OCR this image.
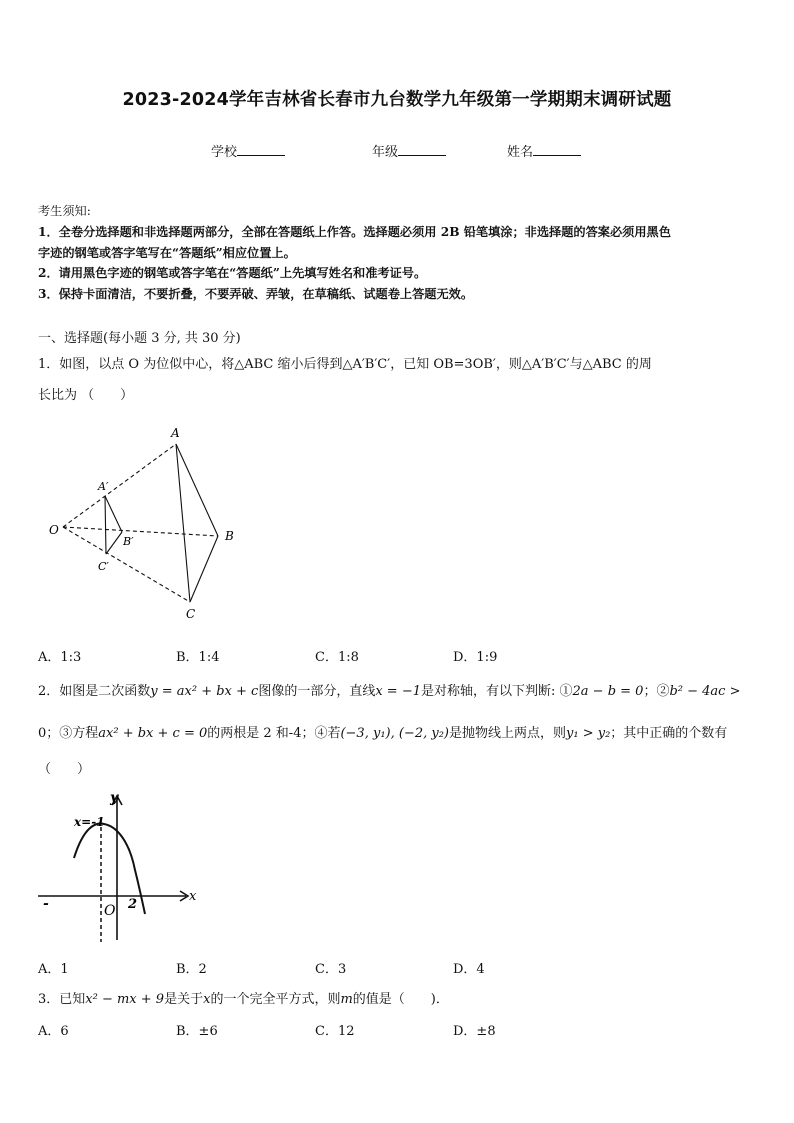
2023-2024学年吉林省长春市九台数学九年级第一学期期末调研试题
学校	年级	姓名
考生须知:
1．全卷分选择题和非选择题两部分，全部在答题纸上作答。选择题必须用 2B 铅笔填涂；非选择题的答案必须用黑色
字迹的钢笔或答字笔写在“答题纸”相应位置上。
2．请用黑色字迹的钢笔或答字笔在“答题纸”上先填写姓名和准考证号。
3．保持卡面清洁，不要折叠，不要弄破、弄皱，在草稿纸、试题卷上答题无效。
一、选择题(每小题 3 分, 共 30 分)
1．如图，以点 O 为位似中心，将△ABC 缩小后得到△A′B′C′，已知 OB=3OB′，则△A′B′C′与△ABC 的周
长比为 （　　）
O
A
B
C
A′
B′
C′
A．1:3	B．1:4	C．1:8	D．1:9
2．如图是二次函数y = ax² + bx + c图像的一部分，直线x = −1是对称轴，有以下判断: ①2a − b = 0；②b² − 4ac >
0；③方程ax² + bx + c = 0的两根是 2 和-4；④若(−3, y₁), (−2, y₂)是抛物线上两点，则y₁ > y₂；其中正确的个数有
（　　）
x=-1
y
x
O 2
-
A．1	B．2	C．3	D．4
3．已知x² − mx + 9是关于x的一个完全平方式，则m的值是（　　)．
A．6	B．±6	C．12	D．±8
